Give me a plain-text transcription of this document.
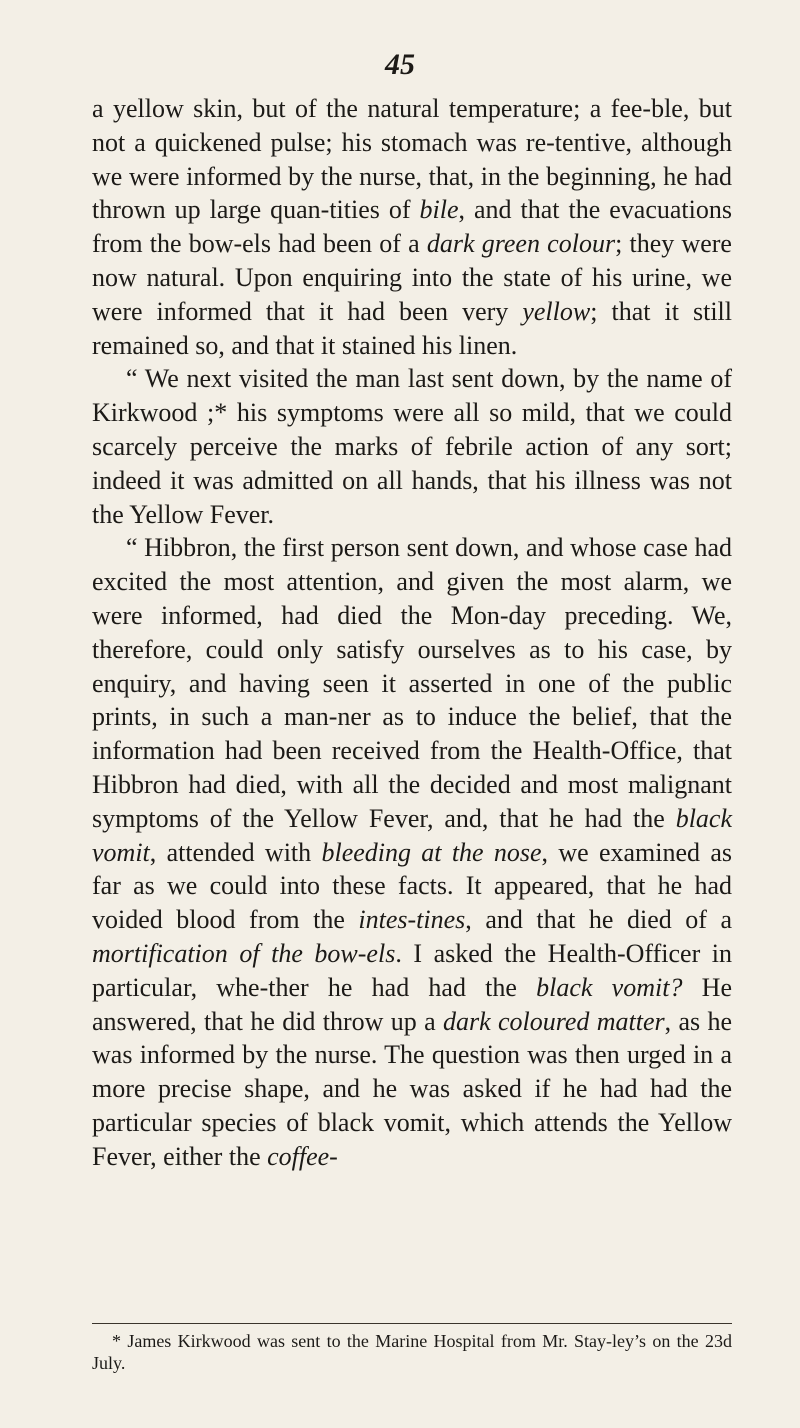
45

a yellow skin, but of the natural temperature; a fee-ble, but not a quickened pulse; his stomach was re-tentive, although we were informed by the nurse, that, in the beginning, he had thrown up large quan-tities of bile, and that the evacuations from the bow-els had been of a dark green colour; they were now natural. Upon enquiring into the state of his urine, we were informed that it had been very yellow; that it still remained so, and that it stained his linen.

“ We next visited the man last sent down, by the name of Kirkwood ;* his symptoms were all so mild, that we could scarcely perceive the marks of febrile action of any sort; indeed it was admitted on all hands, that his illness was not the Yellow Fever.

“ Hibbron, the first person sent down, and whose case had excited the most attention, and given the most alarm, we were informed, had died the Mon-day preceding. We, therefore, could only satisfy ourselves as to his case, by enquiry, and having seen it asserted in one of the public prints, in such a man-ner as to induce the belief, that the information had been received from the Health-Office, that Hibbron had died, with all the decided and most malignant symptoms of the Yellow Fever, and, that he had the black vomit, attended with bleeding at the nose, we examined as far as we could into these facts. It appeared, that he had voided blood from the intes-tines, and that he died of a mortification of the bow-els. I asked the Health-Officer in particular, whe-ther he had had the black vomit? He answered, that he did throw up a dark coloured matter, as he was informed by the nurse. The question was then urged in a more precise shape, and he was asked if he had had the particular species of black vomit, which attends the Yellow Fever, either the coffee-

* James Kirkwood was sent to the Marine Hospital from Mr. Stay-ley’s on the 23d July.
